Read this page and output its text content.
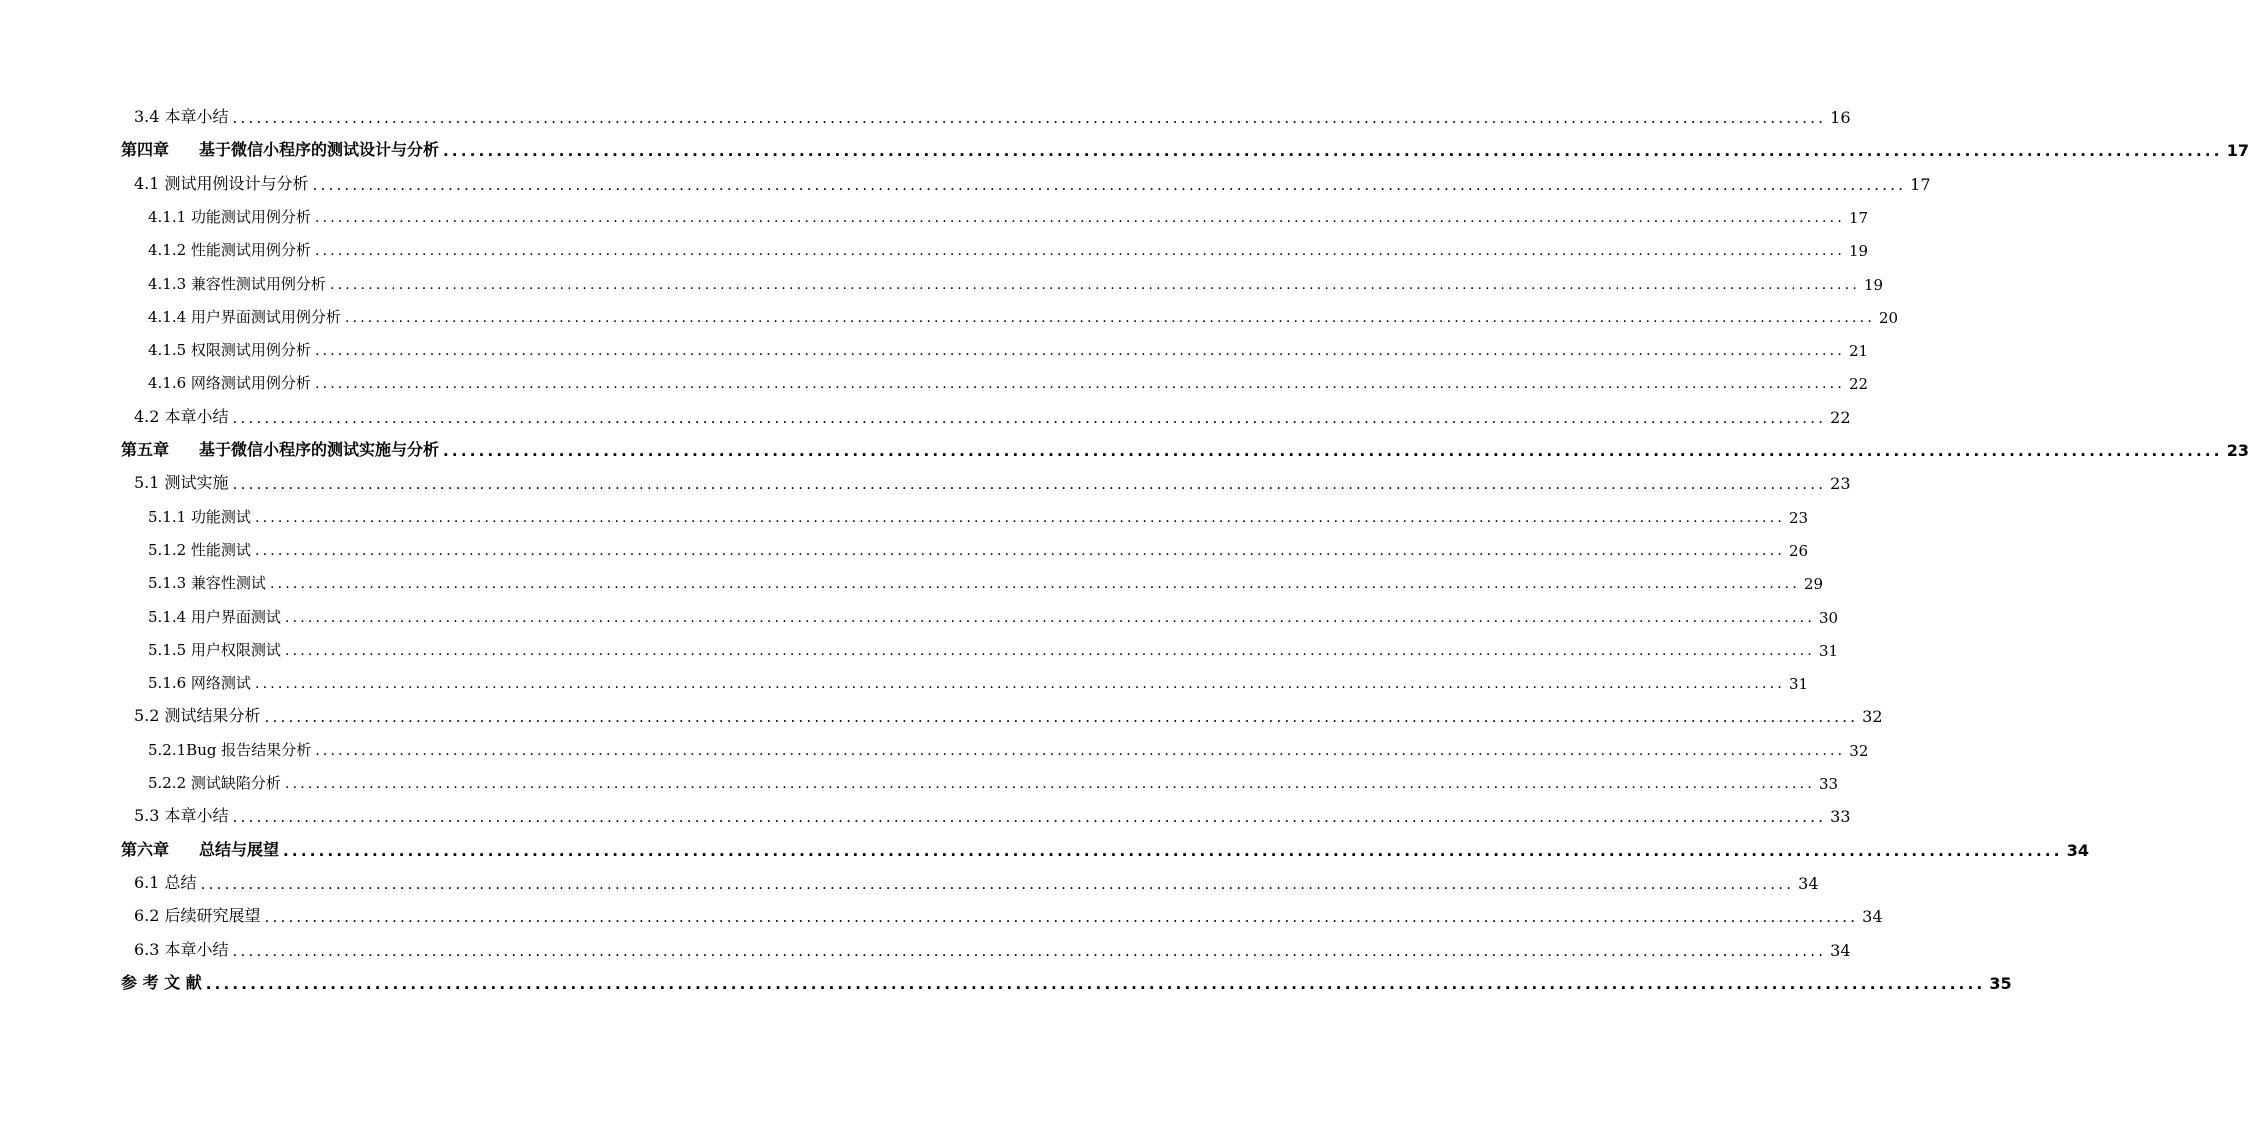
3.4 本章小结 ........................................................................................................................................................................................................ 16
第四章 基于微信小程序的测试设计与分析 ........................................................................................................................................................................................................ 17
4.1 测试用例设计与分析 ........................................................................................................................................................................................................ 17
4.1.1 功能测试用例分析 ........................................................................................................................................................................................................ 17
4.1.2 性能测试用例分析 ........................................................................................................................................................................................................ 19
4.1.3 兼容性测试用例分析 ........................................................................................................................................................................................................ 19
4.1.4 用户界面测试用例分析 ........................................................................................................................................................................................................ 20
4.1.5 权限测试用例分析 ........................................................................................................................................................................................................ 21
4.1.6 网络测试用例分析 ........................................................................................................................................................................................................ 22
4.2 本章小结 ........................................................................................................................................................................................................ 22
第五章 基于微信小程序的测试实施与分析 ........................................................................................................................................................................................................ 23
5.1 测试实施 ........................................................................................................................................................................................................ 23
5.1.1 功能测试 ........................................................................................................................................................................................................ 23
5.1.2 性能测试 ........................................................................................................................................................................................................ 26
5.1.3 兼容性测试 ........................................................................................................................................................................................................ 29
5.1.4 用户界面测试 ........................................................................................................................................................................................................ 30
5.1.5 用户权限测试 ........................................................................................................................................................................................................ 31
5.1.6 网络测试 ........................................................................................................................................................................................................ 31
5.2 测试结果分析 ........................................................................................................................................................................................................ 32
5.2.1Bug 报告结果分析 ........................................................................................................................................................................................................ 32
5.2.2 测试缺陷分析 ........................................................................................................................................................................................................ 33
5.3 本章小结 ........................................................................................................................................................................................................ 33
第六章 总结与展望 ........................................................................................................................................................................................................ 34
6.1 总结 ........................................................................................................................................................................................................ 34
6.2 后续研究展望 ........................................................................................................................................................................................................ 34
6.3 本章小结 ........................................................................................................................................................................................................ 34
参 考 文 献 ........................................................................................................................................................................................................ 35
